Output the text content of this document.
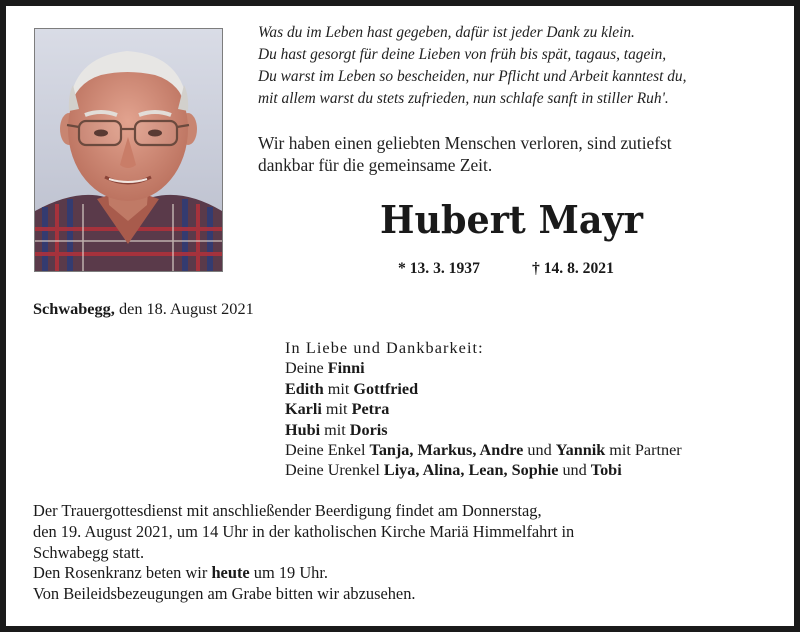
Was du im Leben hast gegeben, dafür ist jeder Dank zu klein.
Du hast gesorgt für deine Lieben von früh bis spät, tagaus, tagein,
Du warst im Leben so bescheiden, nur Pflicht und Arbeit kanntest du,
mit allem warst du stets zufrieden, nun schlafe sanft in stiller Ruh'.
Wir haben einen geliebten Menschen verloren, sind zutiefst
dankbar für die gemeinsame Zeit.
Hubert Mayr
* 13. 3. 1937	† 14. 8. 2021
Schwabegg, den 18. August 2021
In Liebe und Dankbarkeit:
Deine Finni
Edith mit Gottfried
Karli mit Petra
Hubi mit Doris
Deine Enkel Tanja, Markus, Andre und Yannik mit Partner
Deine Urenkel Liya, Alina, Lean, Sophie und Tobi
Der Trauergottesdienst mit anschließender Beerdigung findet am Donnerstag,
den 19. August 2021, um 14 Uhr in der katholischen Kirche Mariä Himmelfahrt in
Schwabegg statt.
Den Rosenkranz beten wir heute um 19 Uhr.
Von Beileidsbezeugungen am Grabe bitten wir abzusehen.
